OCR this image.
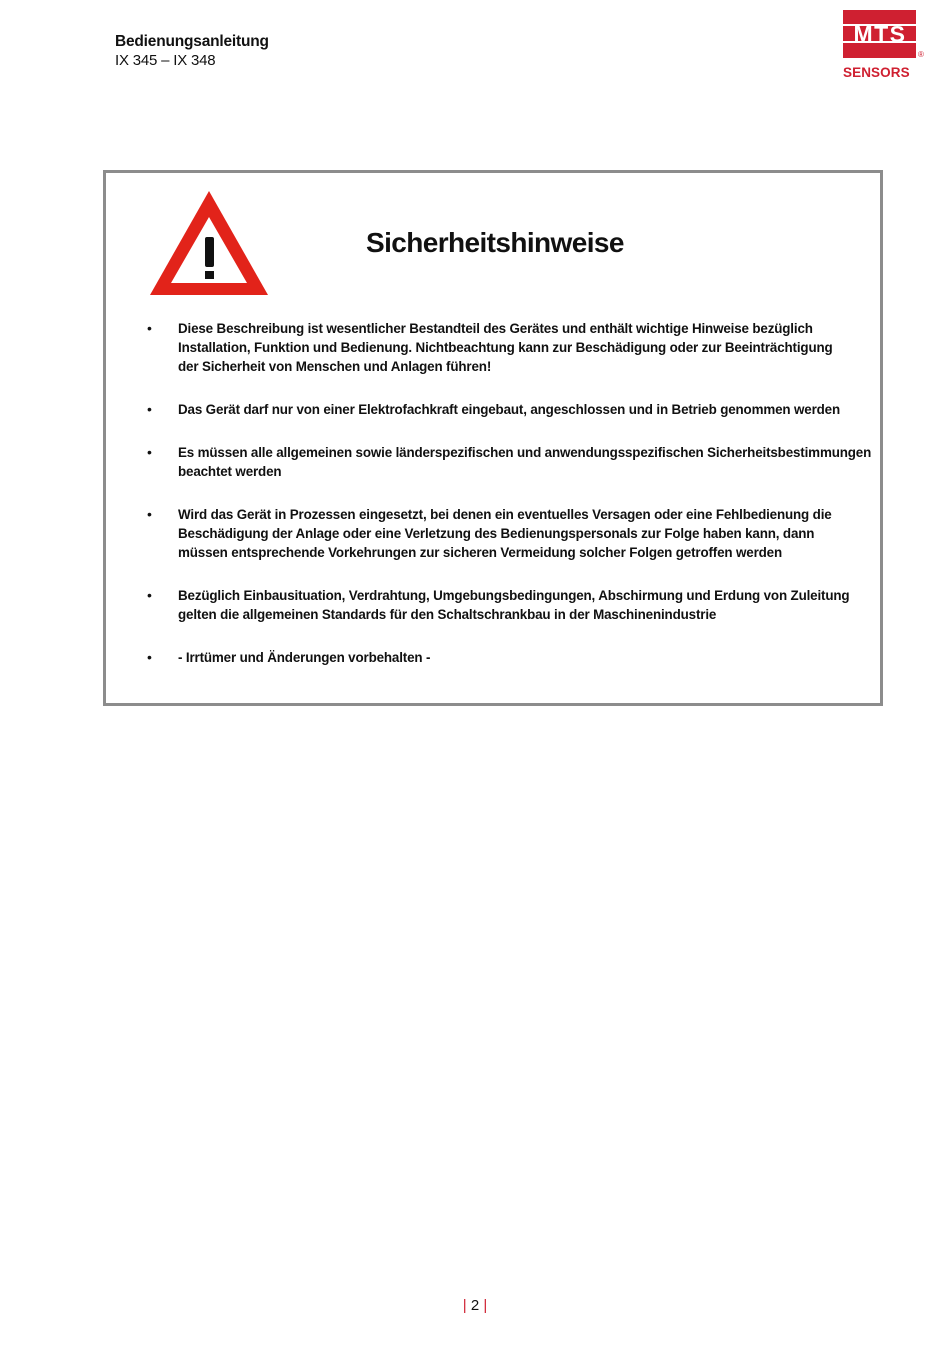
Bedienungsanleitung
IX 345 – IX 348
MTS
®
SENSORS
Sicherheitshinweise
• Diese Beschreibung ist wesentlicher Bestandteil des Gerätes und enthält wichtige Hinweise bezüglich
Installation, Funktion und Bedienung. Nichtbeachtung kann zur Beschädigung oder zur Beeinträchtigung
der Sicherheit von Menschen und Anlagen führen!
• Das Gerät darf nur von einer Elektrofachkraft eingebaut, angeschlossen und in Betrieb genommen werden
• Es müssen alle allgemeinen sowie länderspezifischen und anwendungsspezifischen Sicherheitsbestimmungen
beachtet werden
• Wird das Gerät in Prozessen eingesetzt, bei denen ein eventuelles Versagen oder eine Fehlbedienung die
Beschädigung der Anlage oder eine Verletzung des Bedienungspersonals zur Folge haben kann, dann
müssen entsprechende Vorkehrungen zur sicheren Vermeidung solcher Folgen getroffen werden
• Bezüglich Einbausituation, Verdrahtung, Umgebungsbedingungen, Abschirmung und Erdung von Zuleitung
gelten die allgemeinen Standards für den Schaltschrankbau in der Maschinenindustrie
• - Irrtümer und Änderungen vorbehalten -
| 2 |
